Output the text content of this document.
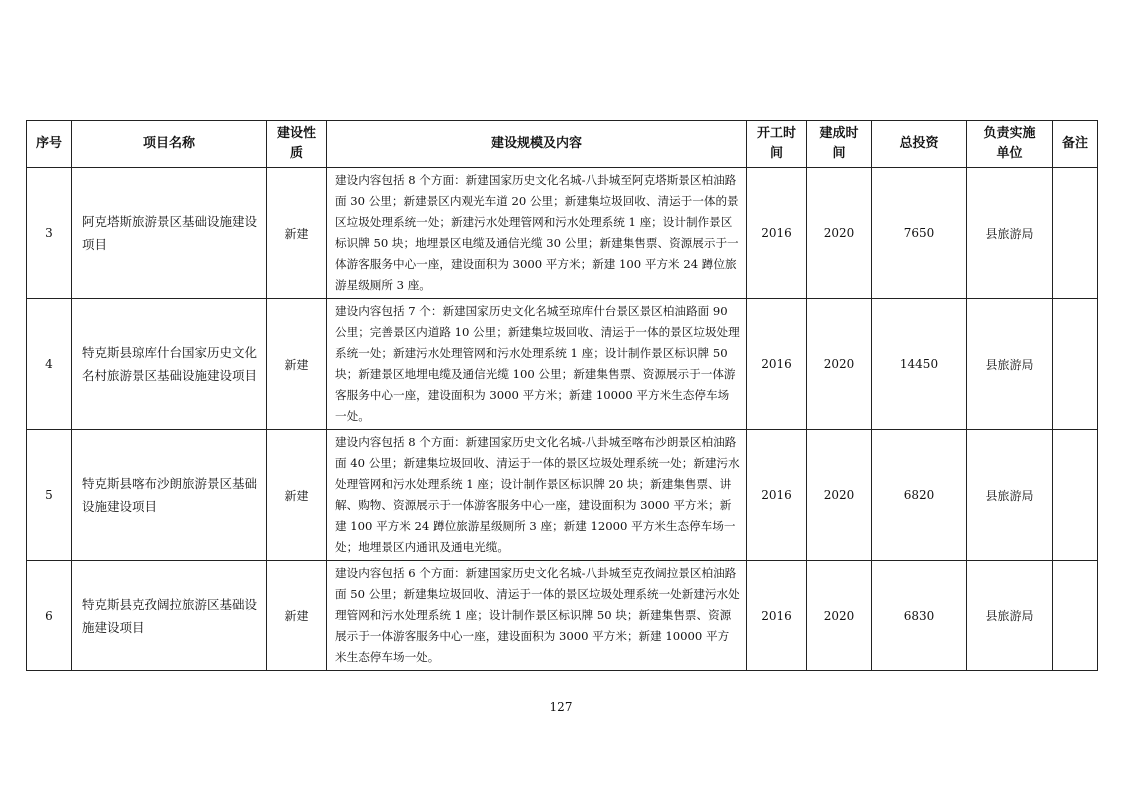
序号	项目名称	建设性质	建设规模及内容	开工时间	建成时间	总投资	负责实施单位	备注
3	阿克塔斯旅游景区基础设施建设项目	新建	建设内容包括 8 个方面：新建国家历史文化名城-八卦城至阿克塔斯景区柏油路面 30 公里；新建景区内观光车道 20 公里；新建集垃圾回收、清运于一体的景区垃圾处理系统一处；新建污水处理管网和污水处理系统 1 座；设计制作景区标识牌 50 块；地埋景区电缆及通信光缆 30 公里；新建集售票、资源展示于一体游客服务中心一座，建设面积为 3000 平方米；新建 100 平方米 24 蹲位旅游星级厕所 3 座。	2016	2020	7650	县旅游局	
4	特克斯县琼库什台国家历史文化名村旅游景区基础设施建设项目	新建	建设内容包括 7 个：新建国家历史文化名城至琼库什台景区景区柏油路面 90 公里；完善景区内道路 10 公里；新建集垃圾回收、清运于一体的景区垃圾处理系统一处；新建污水处理管网和污水处理系统 1 座；设计制作景区标识牌 50 块；新建景区地埋电缆及通信光缆 100 公里；新建集售票、资源展示于一体游客服务中心一座，建设面积为 3000 平方米；新建 10000 平方米生态停车场一处。	2016	2020	14450	县旅游局	
5	特克斯县喀布沙朗旅游景区基础设施建设项目	新建	建设内容包括 8 个方面：新建国家历史文化名城-八卦城至喀布沙朗景区柏油路面 40 公里；新建集垃圾回收、清运于一体的景区垃圾处理系统一处；新建污水处理管网和污水处理系统 1 座；设计制作景区标识牌 20 块；新建集售票、讲解、购物、资源展示于一体游客服务中心一座，建设面积为 3000 平方米；新建 100 平方米 24 蹲位旅游星级厕所 3 座；新建 12000 平方米生态停车场一处；地埋景区内通讯及通电光缆。	2016	2020	6820	县旅游局	
6	特克斯县克孜阔拉旅游区基础设施建设项目	新建	建设内容包括 6 个方面：新建国家历史文化名城-八卦城至克孜阔拉景区柏油路面 50 公里；新建集垃圾回收、清运于一体的景区垃圾处理系统一处新建污水处理管网和污水处理系统 1 座；设计制作景区标识牌 50 块；新建集售票、资源展示于一体游客服务中心一座，建设面积为 3000 平方米；新建 10000 平方米生态停车场一处。	2016	2020	6830	县旅游局	
127
